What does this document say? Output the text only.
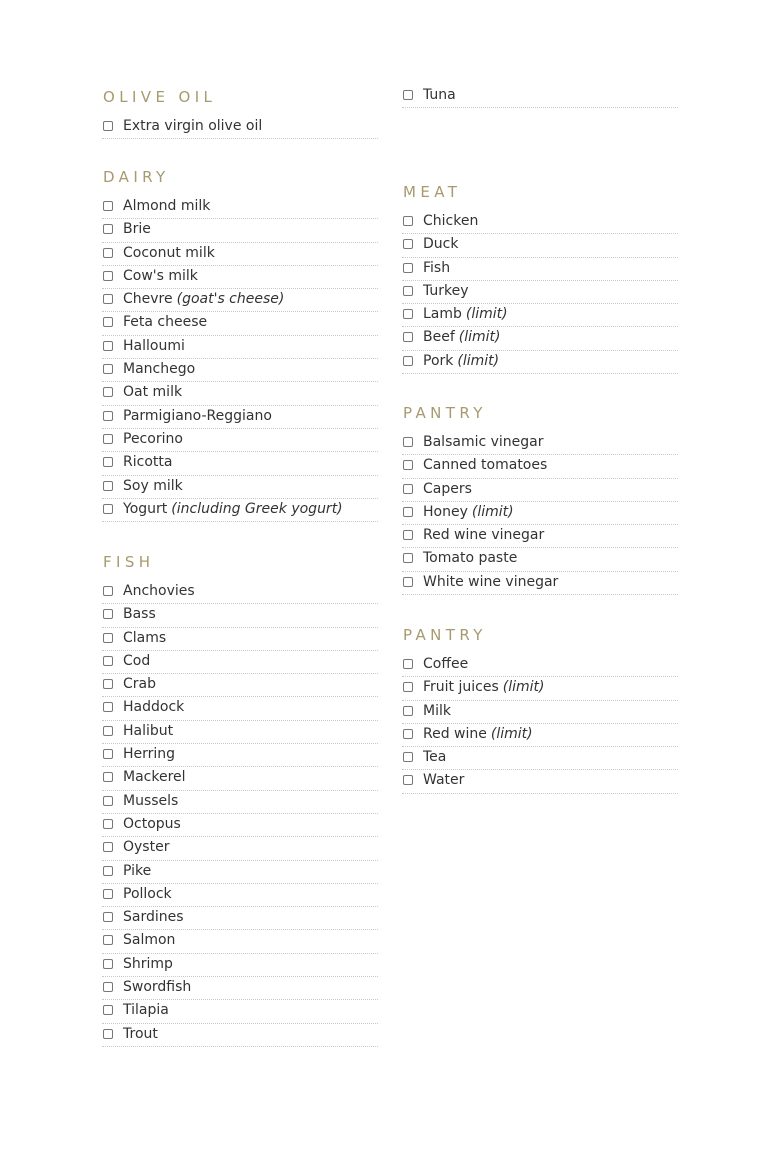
OLIVE OIL
Extra virgin olive oil
DAIRY
Almond milk
Brie
Coconut milk
Cow's milk
Chevre (goat's cheese)
Feta cheese
Halloumi
Manchego
Oat milk
Parmigiano-Reggiano
Pecorino
Ricotta
Soy milk
Yogurt (including Greek yogurt)
FISH
Anchovies
Bass
Clams
Cod
Crab
Haddock
Halibut
Herring
Mackerel
Mussels
Octopus
Oyster
Pike
Pollock
Sardines
Salmon
Shrimp
Swordfish
Tilapia
Trout
Tuna
MEAT
Chicken
Duck
Fish
Turkey
Lamb (limit)
Beef (limit)
Pork (limit)
PANTRY
Balsamic vinegar
Canned tomatoes
Capers
Honey (limit)
Red wine vinegar
Tomato paste
White wine vinegar
PANTRY
Coffee
Fruit juices (limit)
Milk
Red wine (limit)
Tea
Water
